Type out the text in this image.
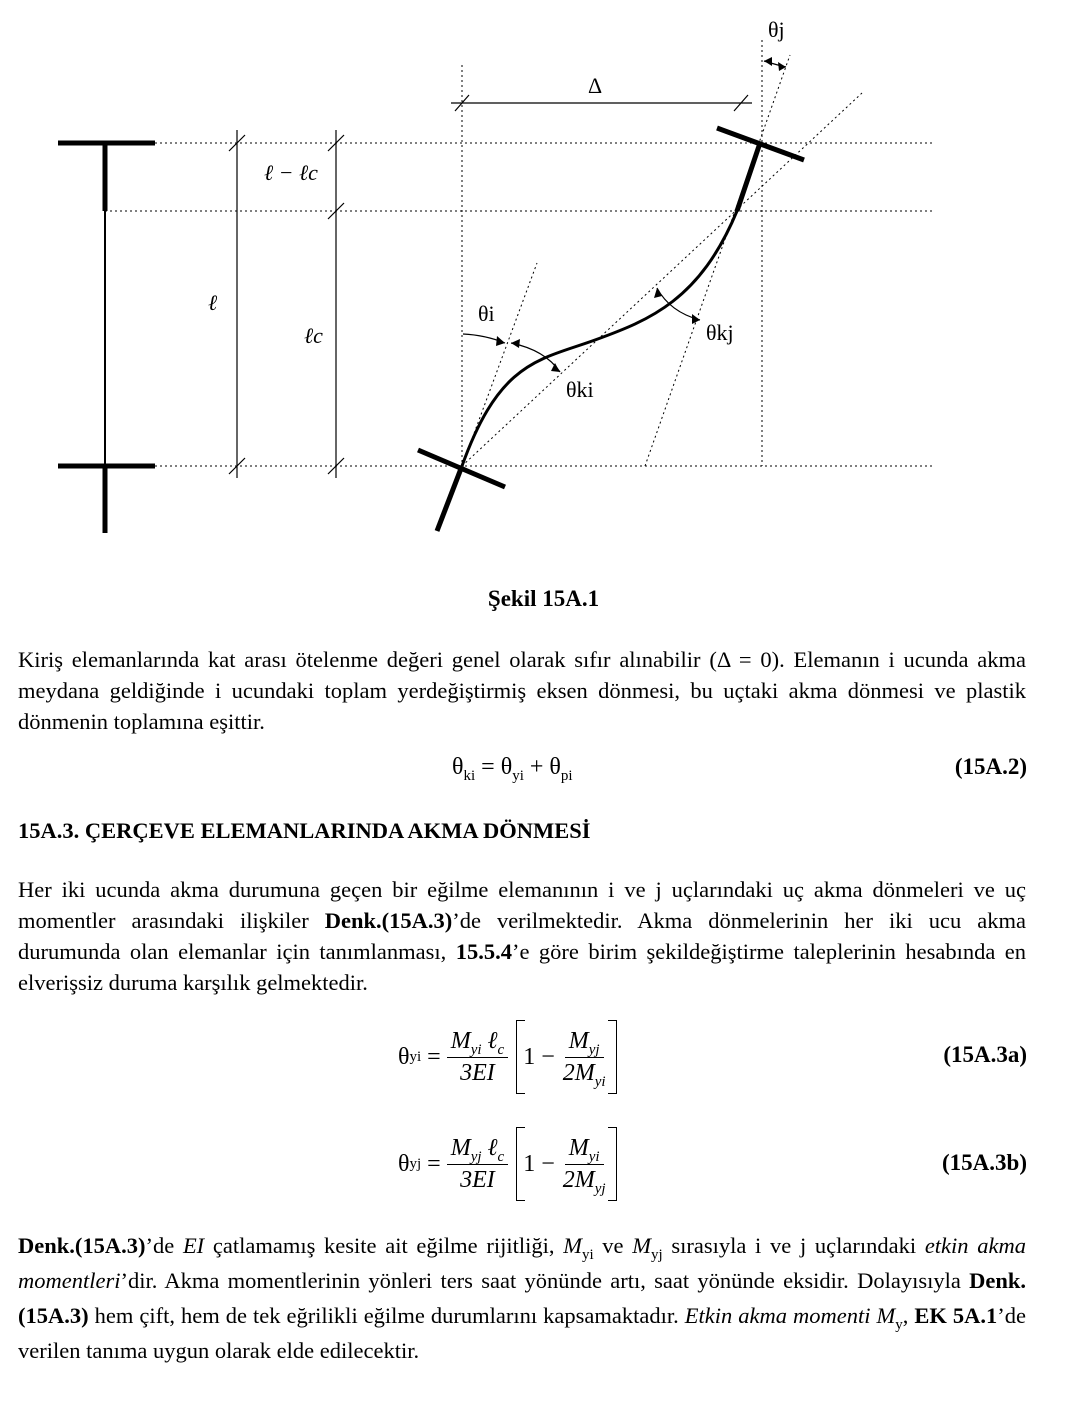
θj
Δ
ℓ − ℓc
ℓ
ℓc
θi
θkj
θki
Şekil 15A.1
Kiriş elemanlarında kat arası ötelenme değeri genel olarak sıfır alınabilir (Δ = 0). Elemanın i ucunda akma meydana geldiğinde i ucundaki toplam yerdeğiştirmiş eksen dönmesi, bu uçtaki akma dönmesi ve plastik dönmenin toplamına eşittir.
$\theta_{ki} = \theta_{yi} + \theta_{pi}$	(15A.2)
15A.3. ÇERÇEVE ELEMANLARINDA AKMA DÖNMESİ
Her iki ucunda akma durumuna geçen bir eğilme elemanının i ve j uçlarındaki uç akma dönmeleri ve uç momentler arasındaki ilişkiler Denk.(15A.3)’de verilmektedir. Akma dönmelerinin her iki ucu akma durumunda olan elemanlar için tanımlanması, 15.5.4’e göre birim şekildeğiştirme taleplerinin hesabında en elverişsiz duruma karşılık gelmektedir.
θ yi = $\frac{M_{yi} \ell_c}{3EI} 1 - \frac{M_{yj}}{2M_{yi}}$	(15A.3a)
θ yj = $\frac{M_{yj} \ell_c}{3EI} 1 - \frac{M_{yi}}{2M_{yj}}$	(15A.3b)
Denk.(15A.3)’de EI çatlamamış kesite ait eğilme rijitliği, $M_{yi}$ ve $M_{yj}$ sırasıyla i ve j uçlarındaki etkin akma momentleri’dir. Akma momentlerinin yönleri ters saat yönünde artı, saat yönünde eksidir. Dolayısıyla Denk.(15A.3) hem çift, hem de tek eğrilikli eğilme durumlarını kapsamaktadır. Etkin akma momenti $M_y$, EK 5A.1’de verilen tanıma uygun olarak elde edilecektir.
